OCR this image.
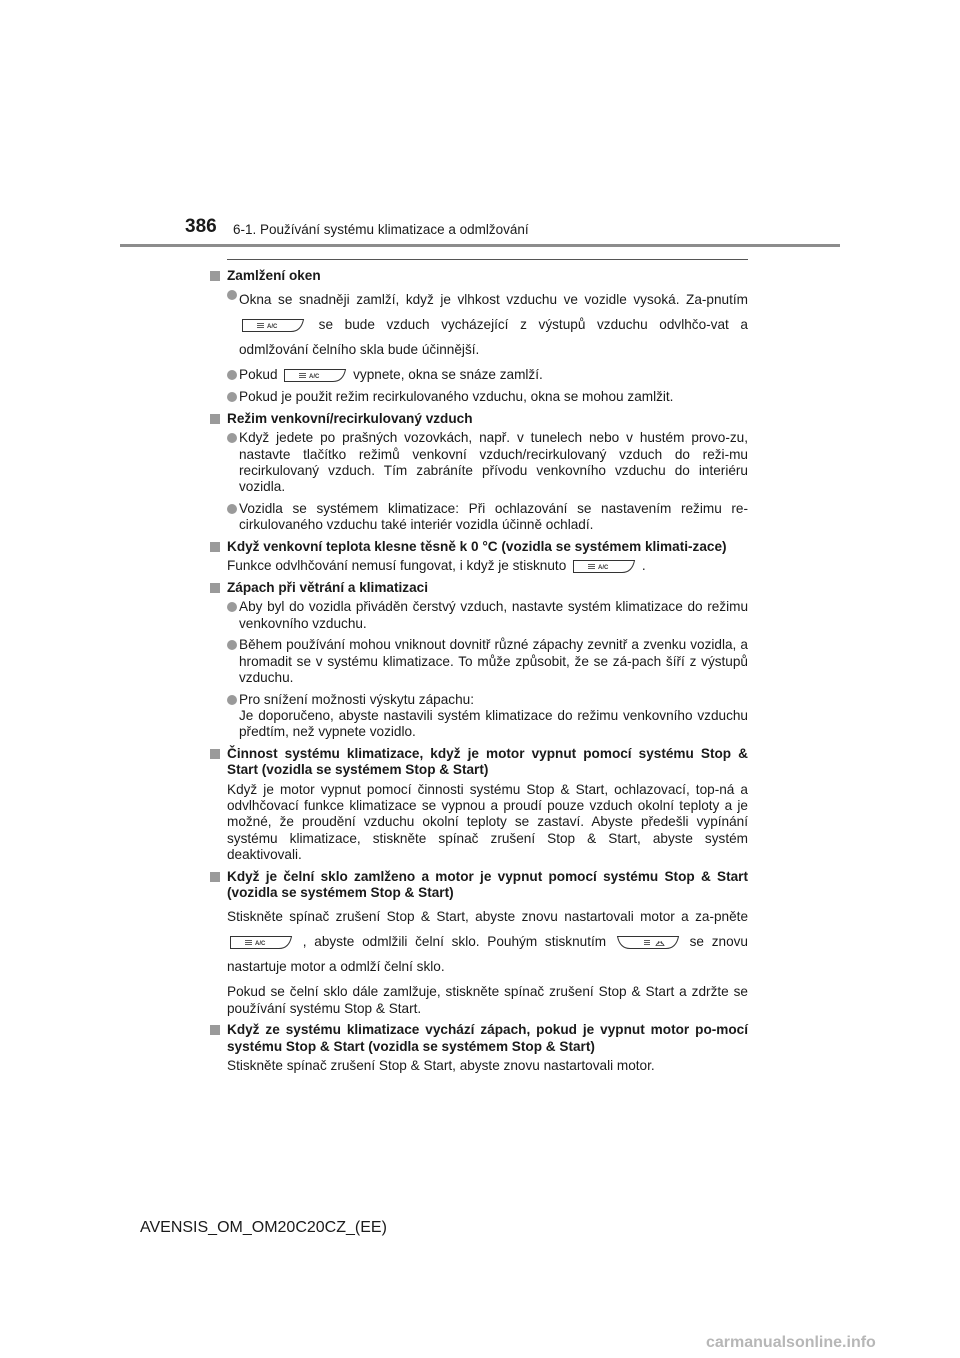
386 6-1. Používání systému klimatizace a odmlžování
Zamlžení oken
Okna se snadněji zamlží, když je vlhkost vzduchu ve vozidle vysoká. Za-pnutím
A/C	se bude vzduch vycházející z výstupů vzduchu odvlhčo-vat a odmlžování čelního skla bude účinnější.
Pokud	A/C vypnete, okna se snáze zamlží.
Pokud je použit režim recirkulovaného vzduchu, okna se mohou zamlžit.
Režim venkovní/recirkulovaný vzduch
Když jedete po prašných vozovkách, např. v tunelech nebo v hustém provo-zu, nastavte tlačítko režimů venkovní vzduch/recirkulovaný vzduch do reži-mu recirkulovaný vzduch. Tím zabráníte přívodu venkovního vzduchu do interiéru vozidla.
Vozidla se systémem klimatizace: Při ochlazování se nastavením režimu re-cirkulovaného vzduchu také interiér vozidla účinně ochladí.
Když venkovní teplota klesne těsně k 0 °C (vozidla se systémem klimati-zace)
Funkce odvlhčování nemusí fungovat, i když je stisknuto	A/C .
Zápach při větrání a klimatizaci
Aby byl do vozidla přiváděn čerstvý vzduch, nastavte systém klimatizace do režimu venkovního vzduchu.
Během používání mohou vniknout dovnitř různé zápachy zevnitř a zvenku vozidla, a hromadit se v systému klimatizace. To může způsobit, že se zá-pach šíří z výstupů vzduchu.
Pro snížení možnosti výskytu zápachu:
Je doporučeno, abyste nastavili systém klimatizace do režimu venkovního vzduchu předtím, než vypnete vozidlo.
Činnost systému klimatizace, když je motor vypnut pomocí systému Stop & Start (vozidla se systémem Stop & Start)
Když je motor vypnut pomocí činnosti systému Stop & Start, ochlazovací, top-ná a odvlhčovací funkce klimatizace se vypnou a proudí pouze vzduch okolní teploty a je možné, že proudění vzduchu okolní teploty se zastaví. Abyste předešli vypínání systému klimatizace, stiskněte spínač zrušení Stop & Start, abyste systém deaktivovali.
Když je čelní sklo zamlženo a motor je vypnut pomocí systému Stop & Start (vozidla se systémem Stop & Start)
Stiskněte spínač zrušení Stop & Start, abyste znovu nastartovali motor a za-pněte
A/C	, abyste odmlžili čelní sklo. Pouhým stisknutím	se znovu nastartuje motor a odmlží čelní sklo.
Pokud se čelní sklo dále zamlžuje, stiskněte spínač zrušení Stop & Start a zdržte se používání systému Stop & Start.
Když ze systému klimatizace vychází zápach, pokud je vypnut motor po-mocí systému Stop & Start (vozidla se systémem Stop & Start)
Stiskněte spínač zrušení Stop & Start, abyste znovu nastartovali motor.
AVENSIS_OM_OM20C20CZ_(EE)
carmanualsonline.info
